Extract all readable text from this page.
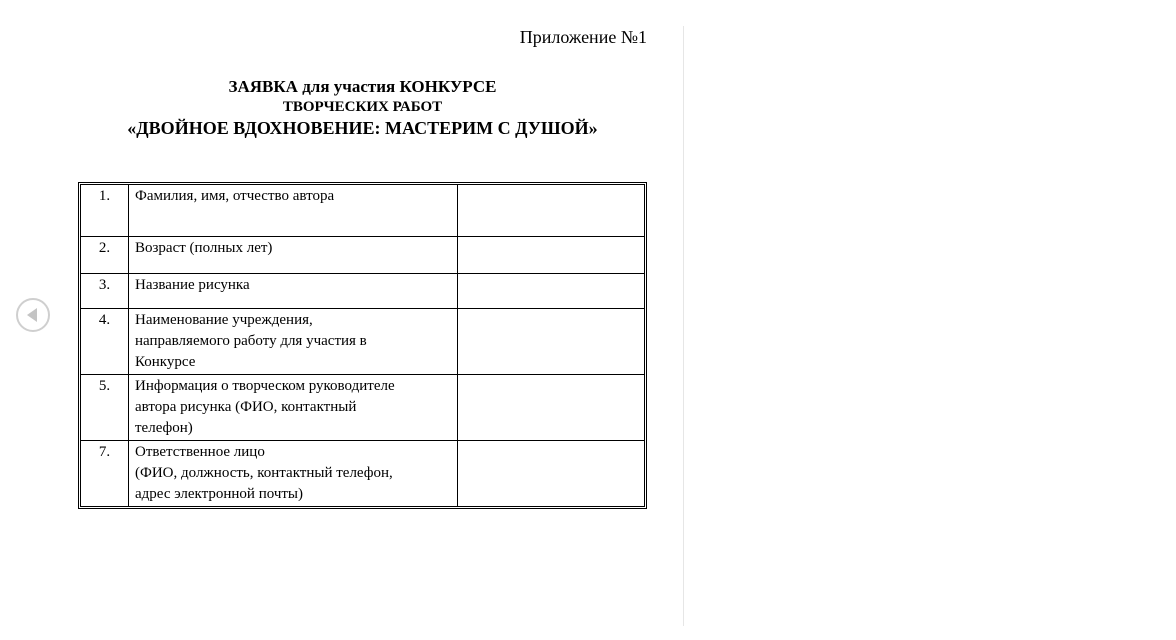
Приложение №1
ЗАЯВКА для участия КОНКУРСЕ
ТВОРЧЕСКИХ РАБОТ
«ДВОЙНОЕ ВДОХНОВЕНИЕ: МАСТЕРИМ С ДУШОЙ»
1.	Фамилия, имя, отчество автора	

2.	Возраст (полных лет)	

3.	Название рисунка	

4.	Наименование учреждения,
направляемого работу для участия в
Конкурсе	

5.	Информация о творческом руководителе
автора рисунка (ФИО, контактный
телефон)	

7.	Ответственное лицо
(ФИО, должность, контактный телефон,
адрес электронной почты)	
